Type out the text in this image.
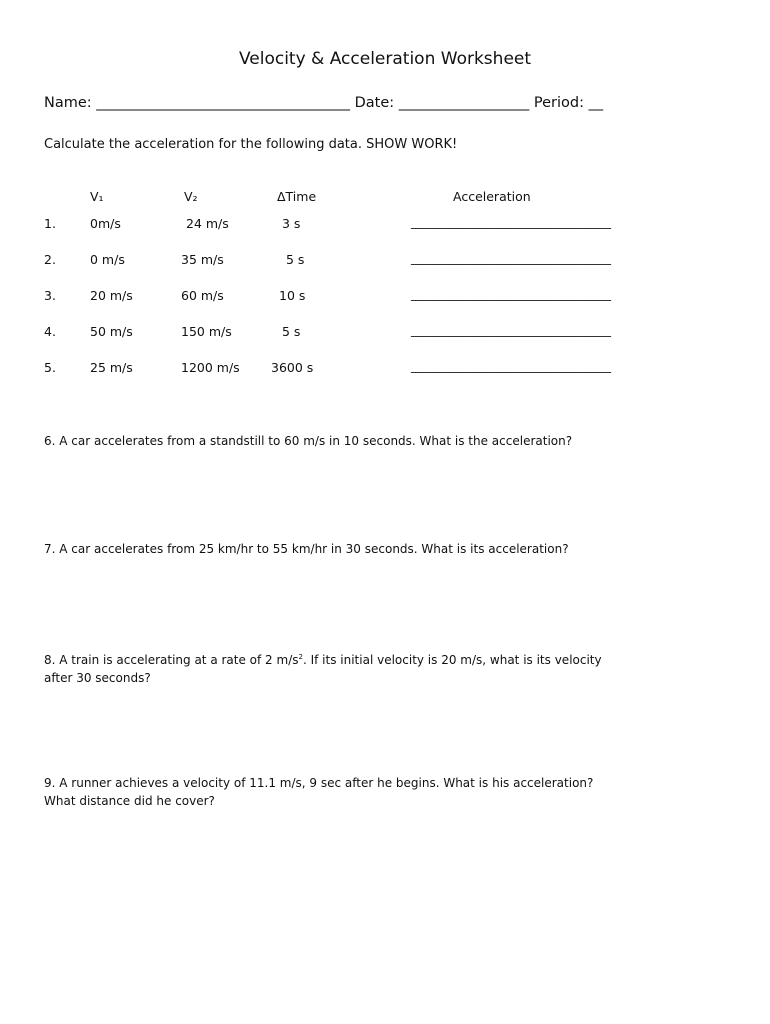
Velocity & Acceleration Worksheet
Name: ___________________________________ Date: __________________ Period: __
Calculate the acceleration for the following data. SHOW WORK!
V₁	V₂	ΔTime	Acceleration
1.	0m/s	24 m/s	3 s	________________________________
2.	0 m/s	35 m/s	5 s	________________________________
3.	20 m/s	60 m/s	10 s	________________________________
4.	50 m/s	150 m/s	5 s	________________________________
5.	25 m/s	1200 m/s	3600 s	________________________________
6. A car accelerates from a standstill to 60 m/s in 10 seconds. What is the acceleration?
7. A car accelerates from 25 km/hr to 55 km/hr in 30 seconds. What is its acceleration?
8. A train is accelerating at a rate of 2 $m/s^2$. If its initial velocity is 20 m/s, what is its velocity
after 30 seconds?
9. A runner achieves a velocity of 11.1 m/s, 9 sec after he begins. What is his acceleration?
What distance did he cover?
